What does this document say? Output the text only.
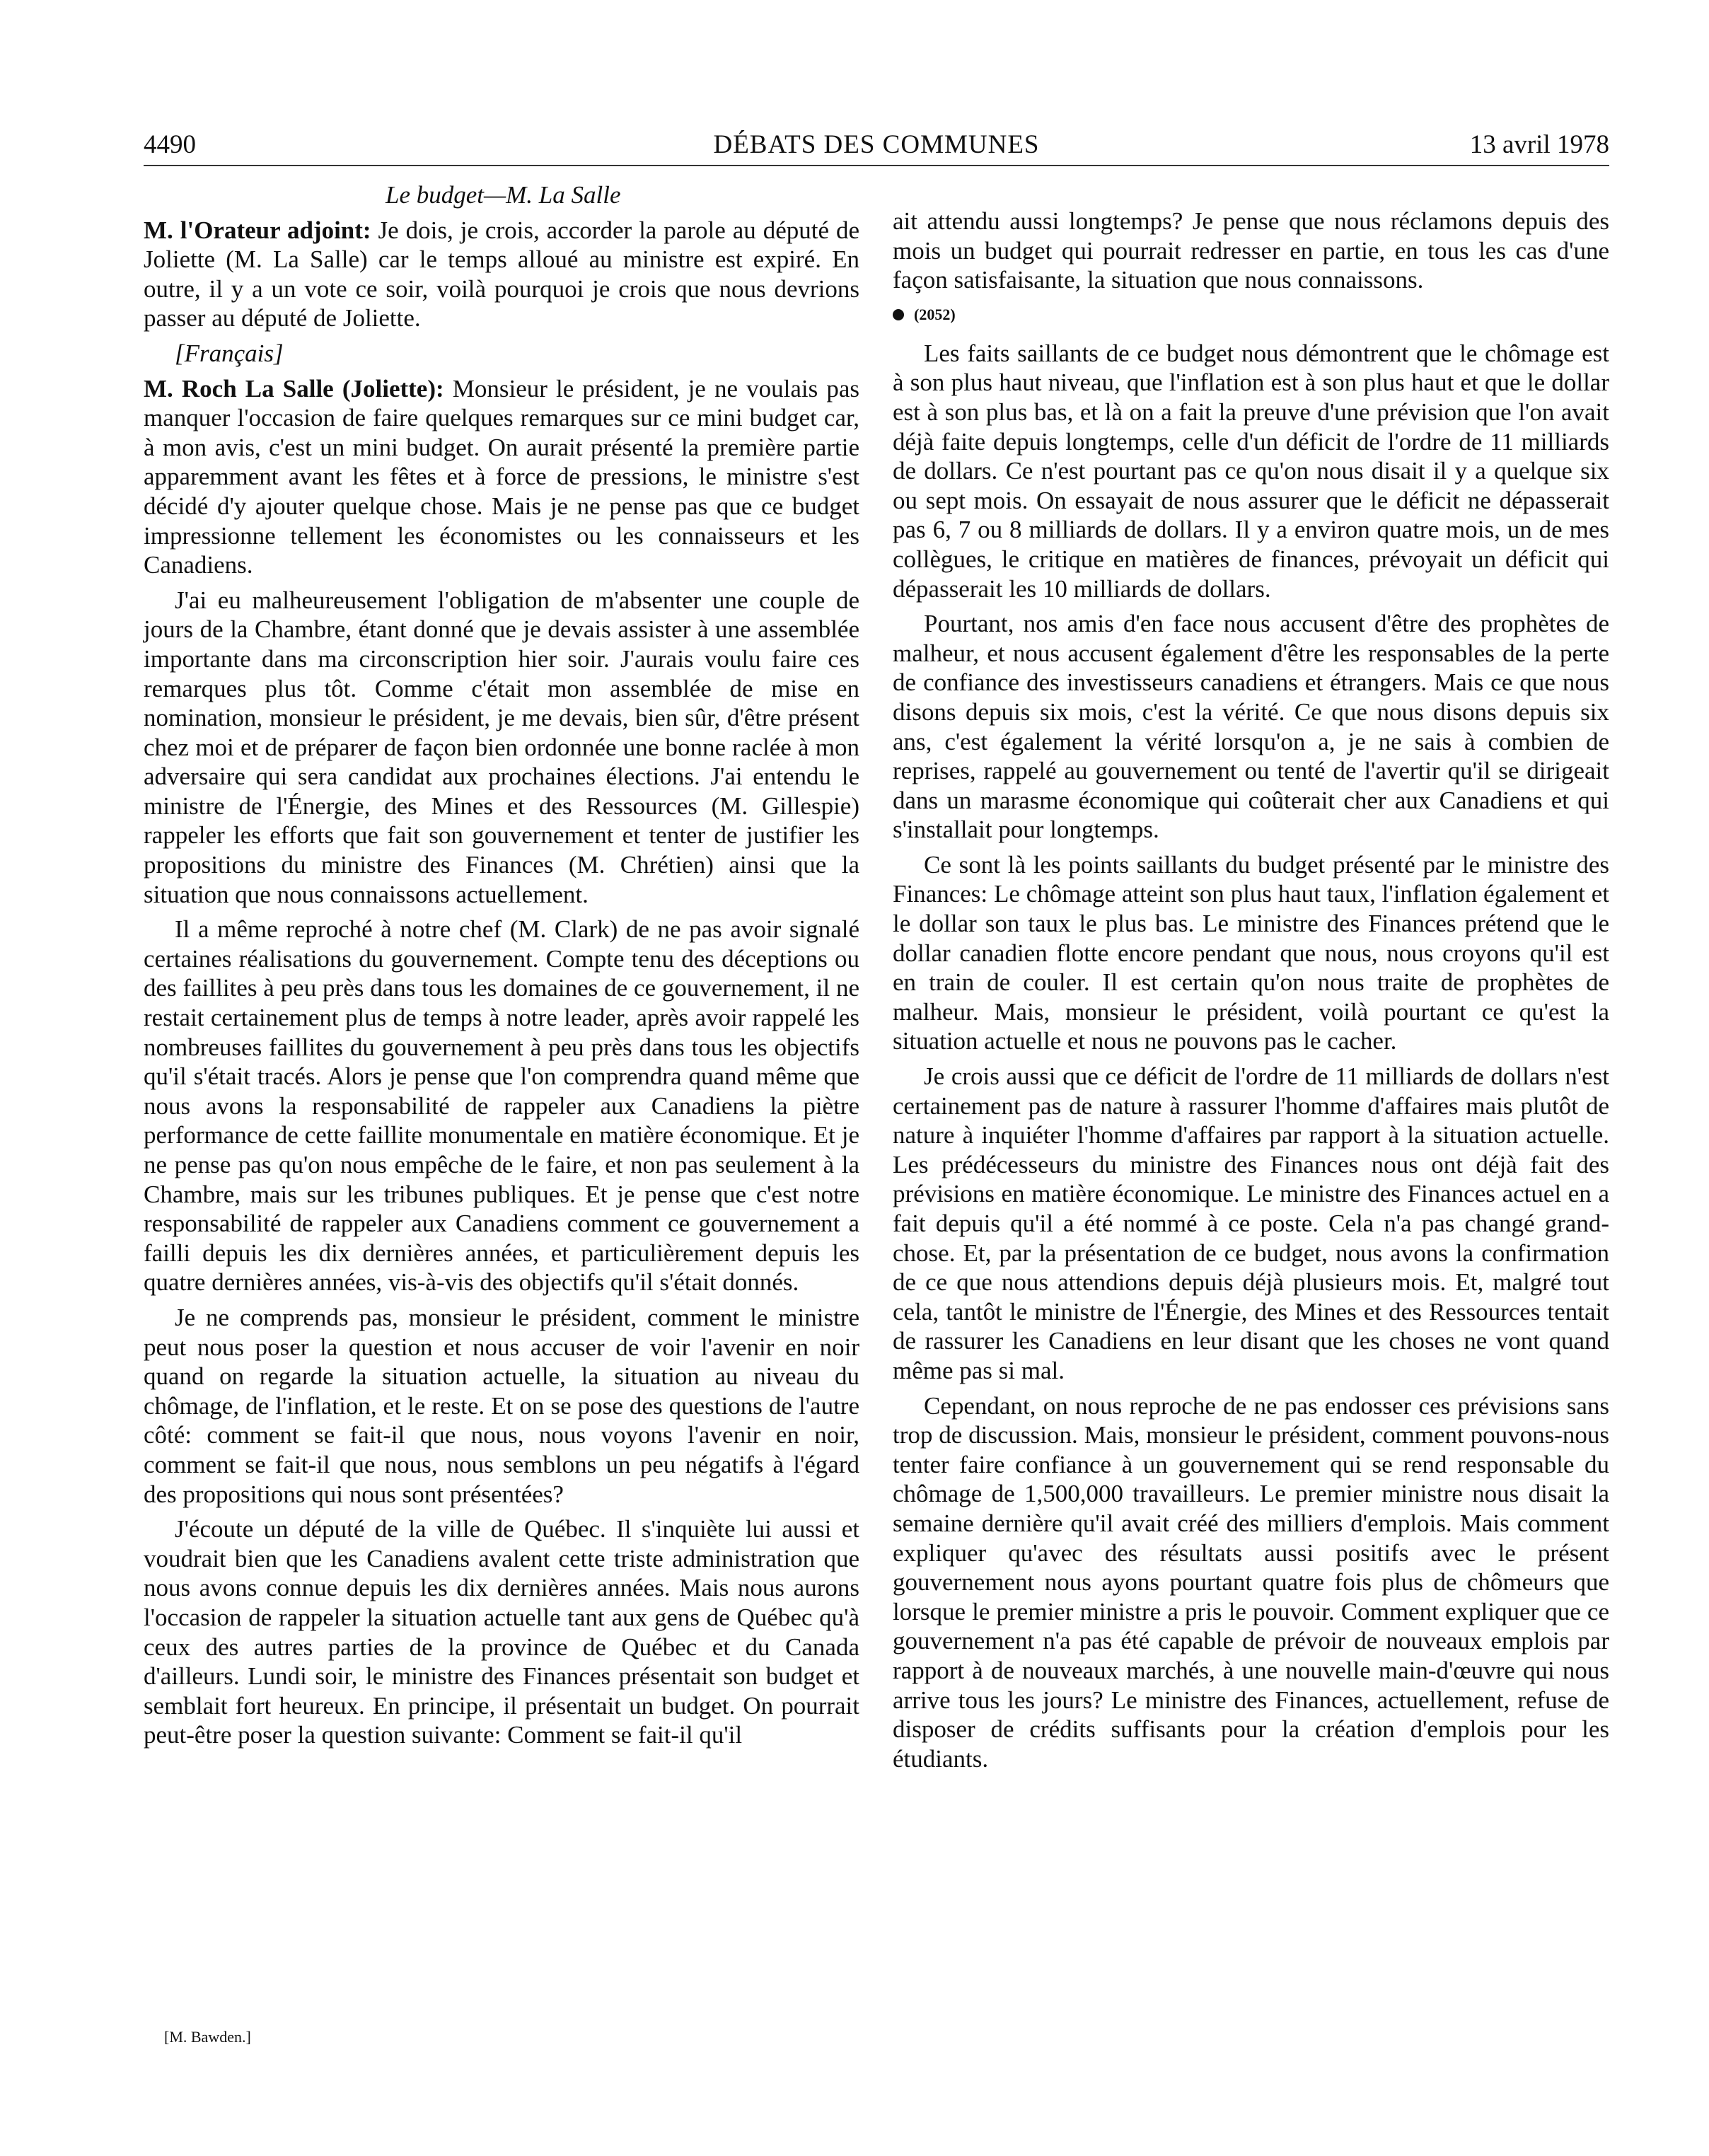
4490	DÉBATS DES COMMUNES	13 avril 1978

Le budget—M. La Salle

M. l'Orateur adjoint: Je dois, je crois, accorder la parole au député de Joliette (M. La Salle) car le temps alloué au ministre est expiré. En outre, il y a un vote ce soir, voilà pourquoi je crois que nous devrions passer au député de Joliette.

[Français]

M. Roch La Salle (Joliette): Monsieur le président, je ne voulais pas manquer l'occasion de faire quelques remarques sur ce mini budget car, à mon avis, c'est un mini budget. On aurait présenté la première partie apparemment avant les fêtes et à force de pressions, le ministre s'est décidé d'y ajouter quelque chose. Mais je ne pense pas que ce budget impressionne tellement les économistes ou les connaisseurs et les Canadiens.

J'ai eu malheureusement l'obligation de m'absenter une couple de jours de la Chambre, étant donné que je devais assister à une assemblée importante dans ma circonscription hier soir. J'aurais voulu faire ces remarques plus tôt. Comme c'était mon assemblée de mise en nomination, monsieur le président, je me devais, bien sûr, d'être présent chez moi et de préparer de façon bien ordonnée une bonne raclée à mon adversaire qui sera candidat aux prochaines élections. J'ai entendu le ministre de l'Énergie, des Mines et des Ressources (M. Gillespie) rappeler les efforts que fait son gouvernement et tenter de justifier les propositions du ministre des Finances (M. Chrétien) ainsi que la situation que nous connaissons actuellement.

Il a même reproché à notre chef (M. Clark) de ne pas avoir signalé certaines réalisations du gouvernement. Compte tenu des déceptions ou des faillites à peu près dans tous les domaines de ce gouvernement, il ne restait certainement plus de temps à notre leader, après avoir rappelé les nombreuses faillites du gouvernement à peu près dans tous les objectifs qu'il s'était tracés. Alors je pense que l'on comprendra quand même que nous avons la responsabilité de rappeler aux Canadiens la piètre performance de cette faillite monumentale en matière économique. Et je ne pense pas qu'on nous empêche de le faire, et non pas seulement à la Chambre, mais sur les tribunes publiques. Et je pense que c'est notre responsabilité de rappeler aux Canadiens comment ce gouvernement a failli depuis les dix dernières années, et particulièrement depuis les quatre dernières années, vis-à-vis des objectifs qu'il s'était donnés.

Je ne comprends pas, monsieur le président, comment le ministre peut nous poser la question et nous accuser de voir l'avenir en noir quand on regarde la situation actuelle, la situation au niveau du chômage, de l'inflation, et le reste. Et on se pose des questions de l'autre côté: comment se fait-il que nous, nous voyons l'avenir en noir, comment se fait-il que nous, nous semblons un peu négatifs à l'égard des propositions qui nous sont présentées?

J'écoute un député de la ville de Québec. Il s'inquiète lui aussi et voudrait bien que les Canadiens avalent cette triste administration que nous avons connue depuis les dix dernières années. Mais nous aurons l'occasion de rappeler la situation actuelle tant aux gens de Québec qu'à ceux des autres parties de la province de Québec et du Canada d'ailleurs. Lundi soir, le ministre des Finances présentait son budget et semblait fort heureux. En principe, il présentait un budget. On pourrait peut-être poser la question suivante: Comment se fait-il qu'il

ait attendu aussi longtemps? Je pense que nous réclamons depuis des mois un budget qui pourrait redresser en partie, en tous les cas d'une façon satisfaisante, la situation que nous connaissons.

(2052)

Les faits saillants de ce budget nous démontrent que le chômage est à son plus haut niveau, que l'inflation est à son plus haut et que le dollar est à son plus bas, et là on a fait la preuve d'une prévision que l'on avait déjà faite depuis longtemps, celle d'un déficit de l'ordre de 11 milliards de dollars. Ce n'est pourtant pas ce qu'on nous disait il y a quelque six ou sept mois. On essayait de nous assurer que le déficit ne dépasserait pas 6, 7 ou 8 milliards de dollars. Il y a environ quatre mois, un de mes collègues, le critique en matières de finances, prévoyait un déficit qui dépasserait les 10 milliards de dollars.

Pourtant, nos amis d'en face nous accusent d'être des prophètes de malheur, et nous accusent également d'être les responsables de la perte de confiance des investisseurs canadiens et étrangers. Mais ce que nous disons depuis six mois, c'est la vérité. Ce que nous disons depuis six ans, c'est également la vérité lorsqu'on a, je ne sais à combien de reprises, rappelé au gouvernement ou tenté de l'avertir qu'il se dirigeait dans un marasme économique qui coûterait cher aux Canadiens et qui s'installait pour longtemps.

Ce sont là les points saillants du budget présenté par le ministre des Finances: Le chômage atteint son plus haut taux, l'inflation également et le dollar son taux le plus bas. Le ministre des Finances prétend que le dollar canadien flotte encore pendant que nous, nous croyons qu'il est en train de couler. Il est certain qu'on nous traite de prophètes de malheur. Mais, monsieur le président, voilà pourtant ce qu'est la situation actuelle et nous ne pouvons pas le cacher.

Je crois aussi que ce déficit de l'ordre de 11 milliards de dollars n'est certainement pas de nature à rassurer l'homme d'affaires mais plutôt de nature à inquiéter l'homme d'affaires par rapport à la situation actuelle. Les prédécesseurs du ministre des Finances nous ont déjà fait des prévisions en matière économique. Le ministre des Finances actuel en a fait depuis qu'il a été nommé à ce poste. Cela n'a pas changé grand-chose. Et, par la présentation de ce budget, nous avons la confirmation de ce que nous attendions depuis déjà plusieurs mois. Et, malgré tout cela, tantôt le ministre de l'Énergie, des Mines et des Ressources tentait de rassurer les Canadiens en leur disant que les choses ne vont quand même pas si mal.

Cependant, on nous reproche de ne pas endosser ces prévisions sans trop de discussion. Mais, monsieur le président, comment pouvons-nous tenter faire confiance à un gouvernement qui se rend responsable du chômage de 1,500,000 travailleurs. Le premier ministre nous disait la semaine dernière qu'il avait créé des milliers d'emplois. Mais comment expliquer qu'avec des résultats aussi positifs avec le présent gouvernement nous ayons pourtant quatre fois plus de chômeurs que lorsque le premier ministre a pris le pouvoir. Comment expliquer que ce gouvernement n'a pas été capable de prévoir de nouveaux emplois par rapport à de nouveaux marchés, à une nouvelle main-d'œuvre qui nous arrive tous les jours? Le ministre des Finances, actuellement, refuse de disposer de crédits suffisants pour la création d'emplois pour les étudiants.

[M. Bawden.]
